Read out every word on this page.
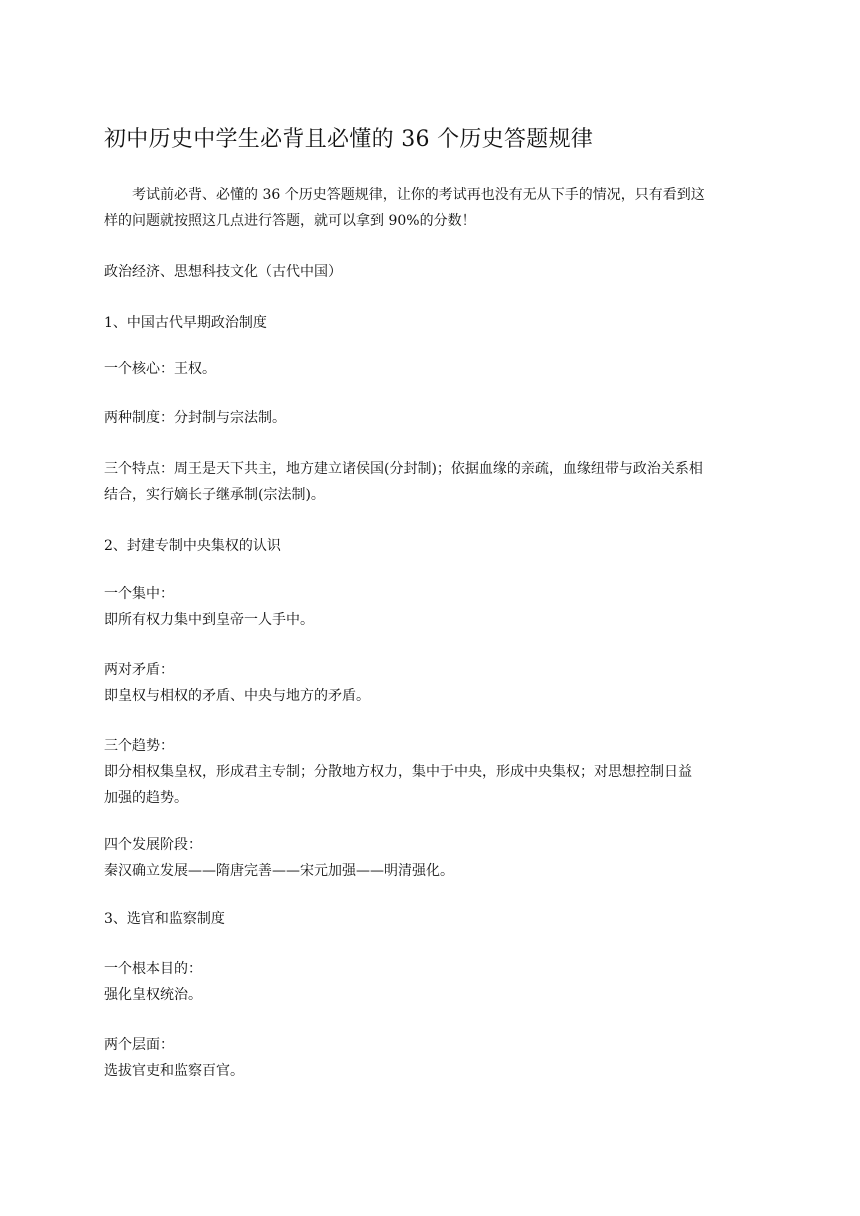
初中历史中学生必背且必懂的 36 个历史答题规律

考试前必背、必懂的 36 个历史答题规律，让你的考试再也没有无从下手的情况，只有看到这
样的问题就按照这几点进行答题，就可以拿到 90%的分数！

政治经济、思想科技文化（古代中国）

1、中国古代早期政治制度

一个核心：王权。

两种制度：分封制与宗法制。

三个特点：周王是天下共主，地方建立诸侯国(分封制)；依据血缘的亲疏，血缘纽带与政治关系相
结合，实行嫡长子继承制(宗法制)。

2、封建专制中央集权的认识

一个集中：
即所有权力集中到皇帝一人手中。

两对矛盾：
即皇权与相权的矛盾、中央与地方的矛盾。

三个趋势：
即分相权集皇权，形成君主专制；分散地方权力，集中于中央，形成中央集权；对思想控制日益
加强的趋势。

四个发展阶段：
秦汉确立发展——隋唐完善——宋元加强——明清强化。

3、选官和监察制度

一个根本目的：
强化皇权统治。

两个层面：
选拔官吏和监察百官。
